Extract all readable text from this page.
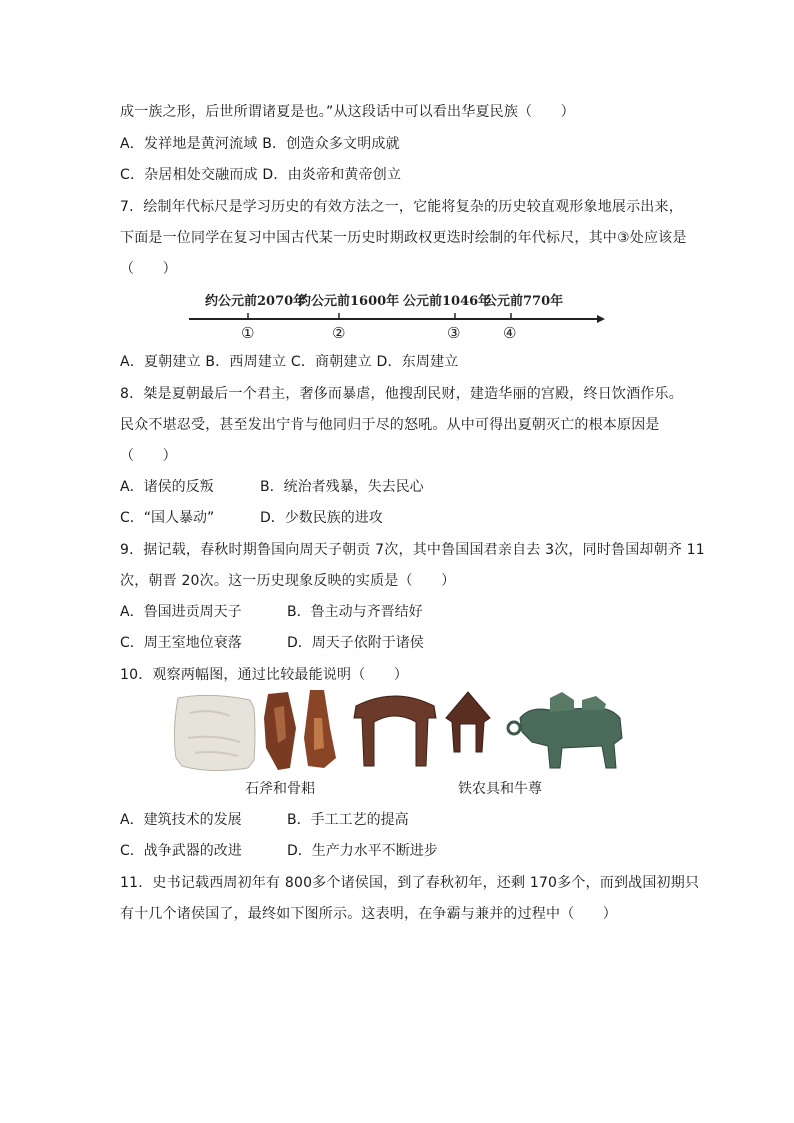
成一族之形，后世所谓诸夏是也。”从这段话中可以看出华夏民族（　　）
A．发祥地是黄河流域 B．创造众多文明成就
C．杂居相处交融而成 D．由炎帝和黄帝创立
7．绘制年代标尺是学习历史的有效方法之一，它能将复杂的历史较直观形象地展示出来，
下面是一位同学在复习中国古代某一历史时期政权更迭时绘制的年代标尺，其中③处应该是
（　　）
约公元前2070年
约公元前1600年 公元前1046年
公元前770年
①	②	③	④
A．夏朝建立 B．西周建立 C．商朝建立 D．东周建立
8．桀是夏朝最后一个君主，奢侈而暴虐，他搜刮民财，建造华丽的宫殿，终日饮酒作乐。
民众不堪忍受，甚至发出宁肯与他同归于尽的怒吼。从中可得出夏朝灭亡的根本原因是
（　　）
A．诸侯的反叛	B．统治者残暴，失去民心
C．“国人暴动”	D．少数民族的进攻
9．据记载，春秋时期鲁国向周天子朝贡 7次，其中鲁国国君亲自去 3次，同时鲁国却朝齐 11
次，朝晋 20次。这一历史现象反映的实质是（　　）
A．鲁国进贡周天子	B．鲁主动与齐晋结好
C．周王室地位衰落	D．周天子依附于诸侯
10．观察两幅图，通过比较最能说明（　　）
石斧和骨耜	铁农具和牛尊
A．建筑技术的发展	B．手工工艺的提高
C．战争武器的改进	D．生产力水平不断进步
11．史书记载西周初年有 800多个诸侯国，到了春秋初年，还剩 170多个，而到战国初期只
有十几个诸侯国了，最终如下图所示。这表明，在争霸与兼并的过程中（　　）
